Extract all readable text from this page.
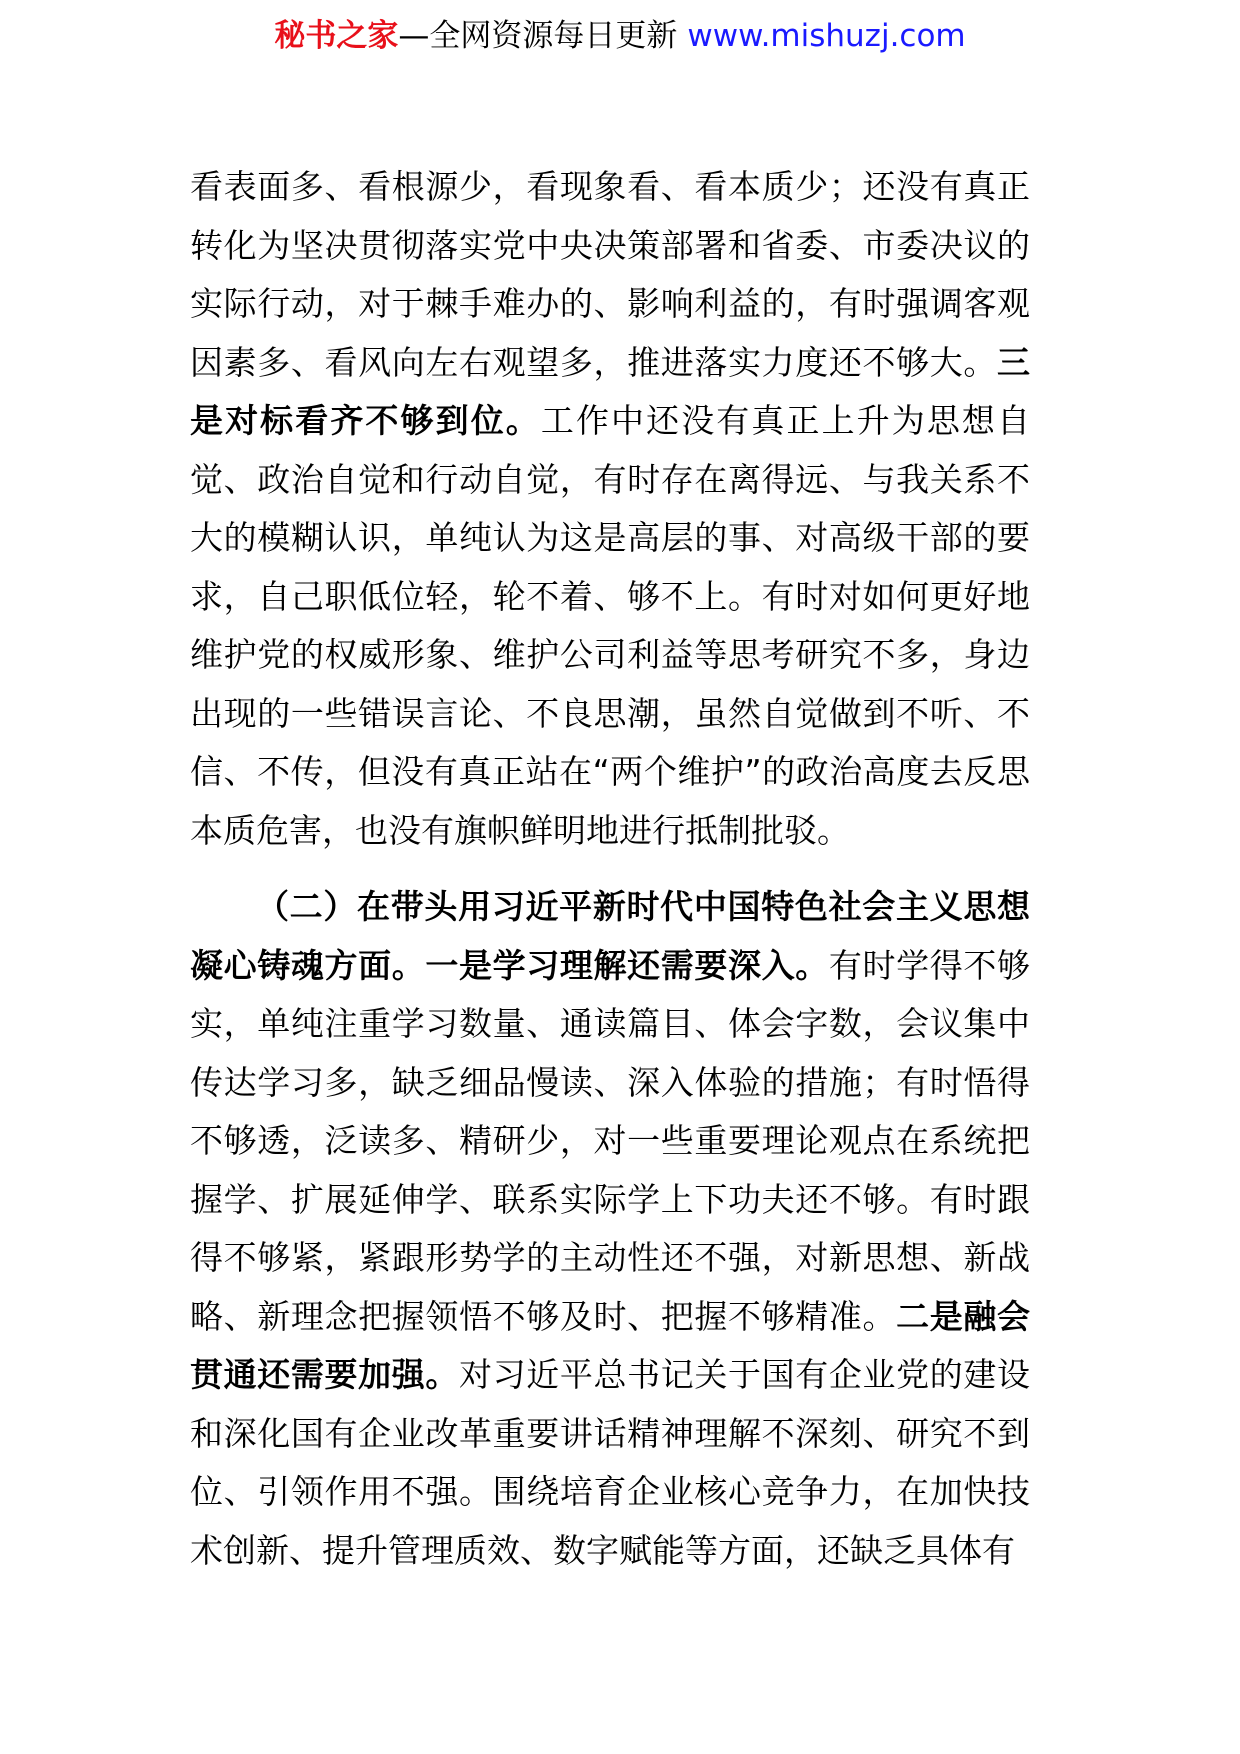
秘书之家—全网资源每日更新 www.mishuzj.com

看表面多、看根源少，看现象看、看本质少；还没有真正转化为坚决贯彻落实党中央决策部署和省委、市委决议的实际行动，对于棘手难办的、影响利益的，有时强调客观因素多、看风向左右观望多，推进落实力度还不够大。三是对标看齐不够到位。工作中还没有真正上升为思想自觉、政治自觉和行动自觉，有时存在离得远、与我关系不大的模糊认识，单纯认为这是高层的事、对高级干部的要求，自己职低位轻，轮不着、够不上。有时对如何更好地维护党的权威形象、维护公司利益等思考研究不多，身边出现的一些错误言论、不良思潮，虽然自觉做到不听、不信、不传，但没有真正站在“两个维护”的政治高度去反思本质危害，也没有旗帜鲜明地进行抵制批驳。

（二）在带头用习近平新时代中国特色社会主义思想凝心铸魂方面。一是学习理解还需要深入。有时学得不够实，单纯注重学习数量、通读篇目、体会字数，会议集中传达学习多，缺乏细品慢读、深入体验的措施；有时悟得不够透，泛读多、精研少，对一些重要理论观点在系统把握学、扩展延伸学、联系实际学上下功夫还不够。有时跟得不够紧，紧跟形势学的主动性还不强，对新思想、新战略、新理念把握领悟不够及时、把握不够精准。二是融会贯通还需要加强。对习近平总书记关于国有企业党的建设和深化国有企业改革重要讲话精神理解不深刻、研究不到位、引领作用不强。围绕培育企业核心竞争力，在加快技术创新、提升管理质效、数字赋能等方面，还缺乏具体有
